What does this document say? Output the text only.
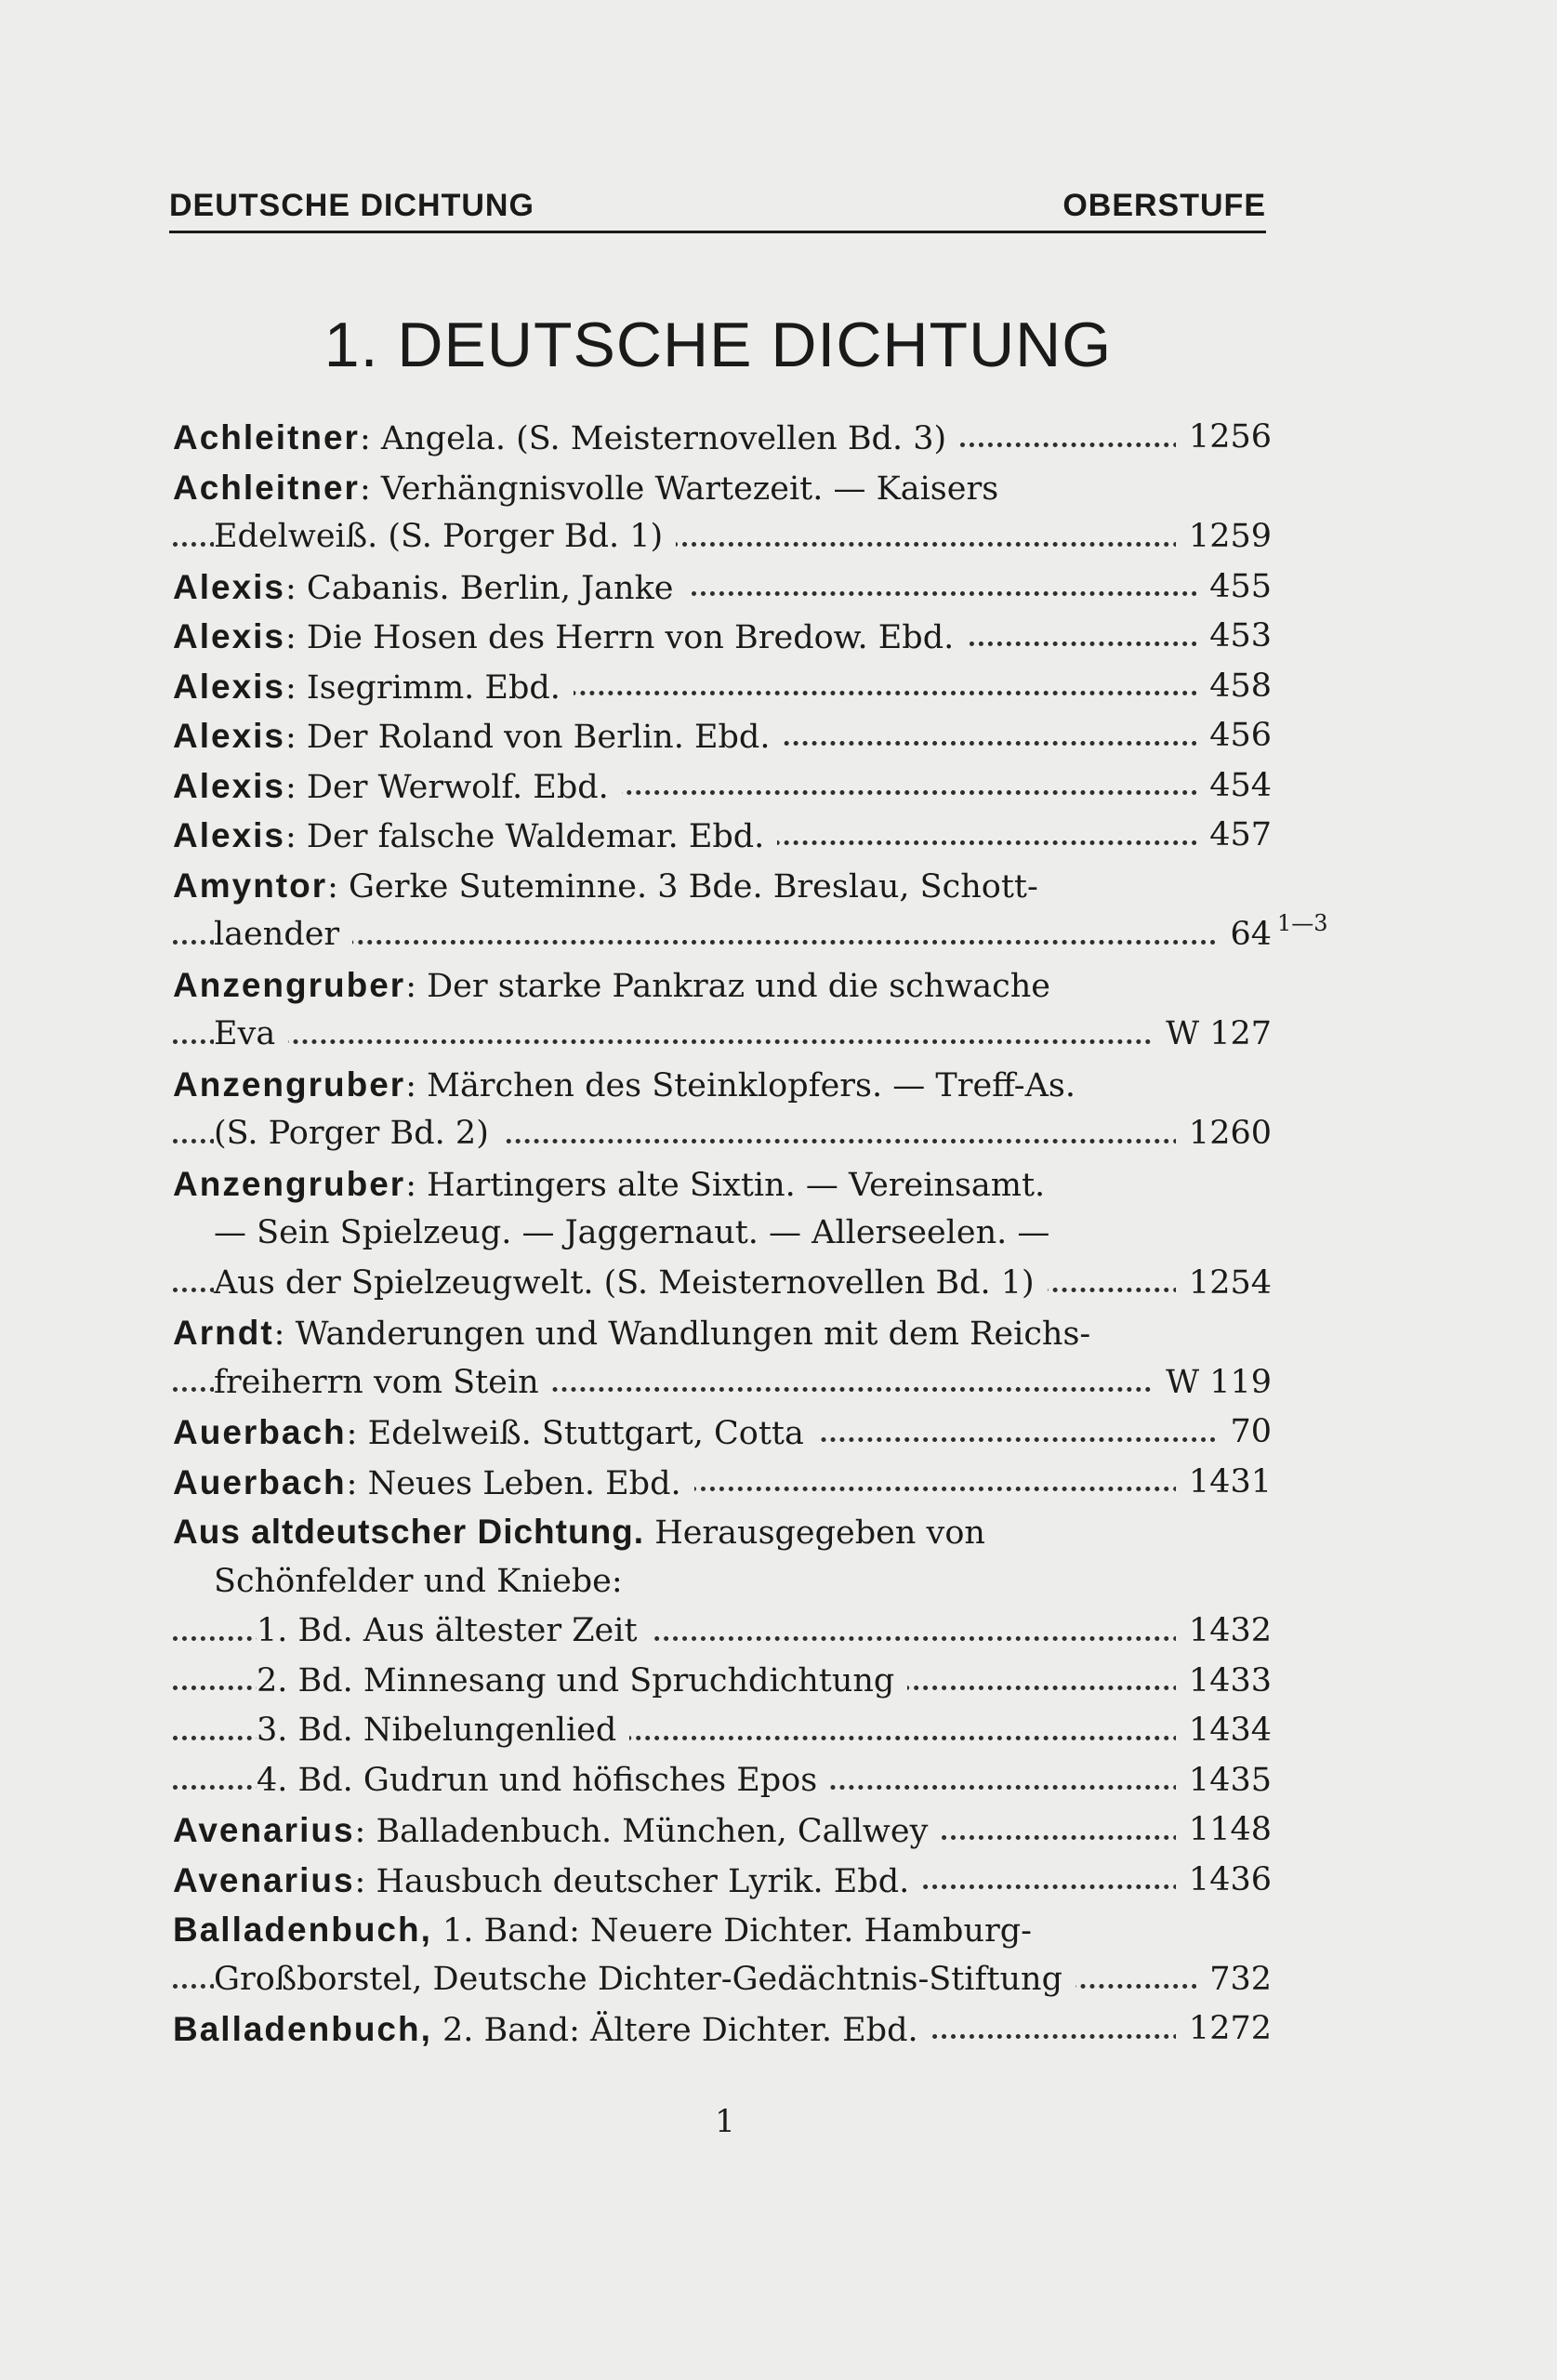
DEUTSCHE DICHTUNG	OBERSTUFE
1. DEUTSCHE DICHTUNG
Achleitner: Angela. (S. Meisternovellen Bd. 3)	1256
Achleitner: Verhängnisvolle Wartezeit. — Kaisers
Edelweiß. (S. Porger Bd. 1)	1259
Alexis: Cabanis. Berlin, Janke	455
Alexis: Die Hosen des Herrn von Bredow. Ebd.	453
Alexis: Isegrimm. Ebd.	458
Alexis: Der Roland von Berlin. Ebd.	456
Alexis: Der Werwolf. Ebd.	454
Alexis: Der falsche Waldemar. Ebd.	457
Amyntor: Gerke Suteminne. 3 Bde. Breslau, Schott-
laender	64 1—3
Anzengruber: Der starke Pankraz und die schwache
Eva	W 127
Anzengruber: Märchen des Steinklopfers. — Treff-As.
(S. Porger Bd. 2)	1260
Anzengruber: Hartingers alte Sixtin. — Vereinsamt.
— Sein Spielzeug. — Jaggernaut. — Allerseelen. —
Aus der Spielzeugwelt. (S. Meisternovellen Bd. 1)	1254
Arndt: Wanderungen und Wandlungen mit dem Reichs-
freiherrn vom Stein	W 119
Auerbach: Edelweiß. Stuttgart, Cotta	70
Auerbach: Neues Leben. Ebd.	1431
Aus altdeutscher Dichtung. Herausgegeben von
Schönfelder und Kniebe:
1. Bd. Aus ältester Zeit	1432
2. Bd. Minnesang und Spruchdichtung	1433
3. Bd. Nibelungenlied	1434
4. Bd. Gudrun und höfisches Epos	1435
Avenarius: Balladenbuch. München, Callwey	1148
Avenarius: Hausbuch deutscher Lyrik. Ebd.	1436
Balladenbuch, 1. Band: Neuere Dichter. Hamburg-
Großborstel, Deutsche Dichter-Gedächtnis-Stiftung	732
Balladenbuch, 2. Band: Ältere Dichter. Ebd.	1272
1
